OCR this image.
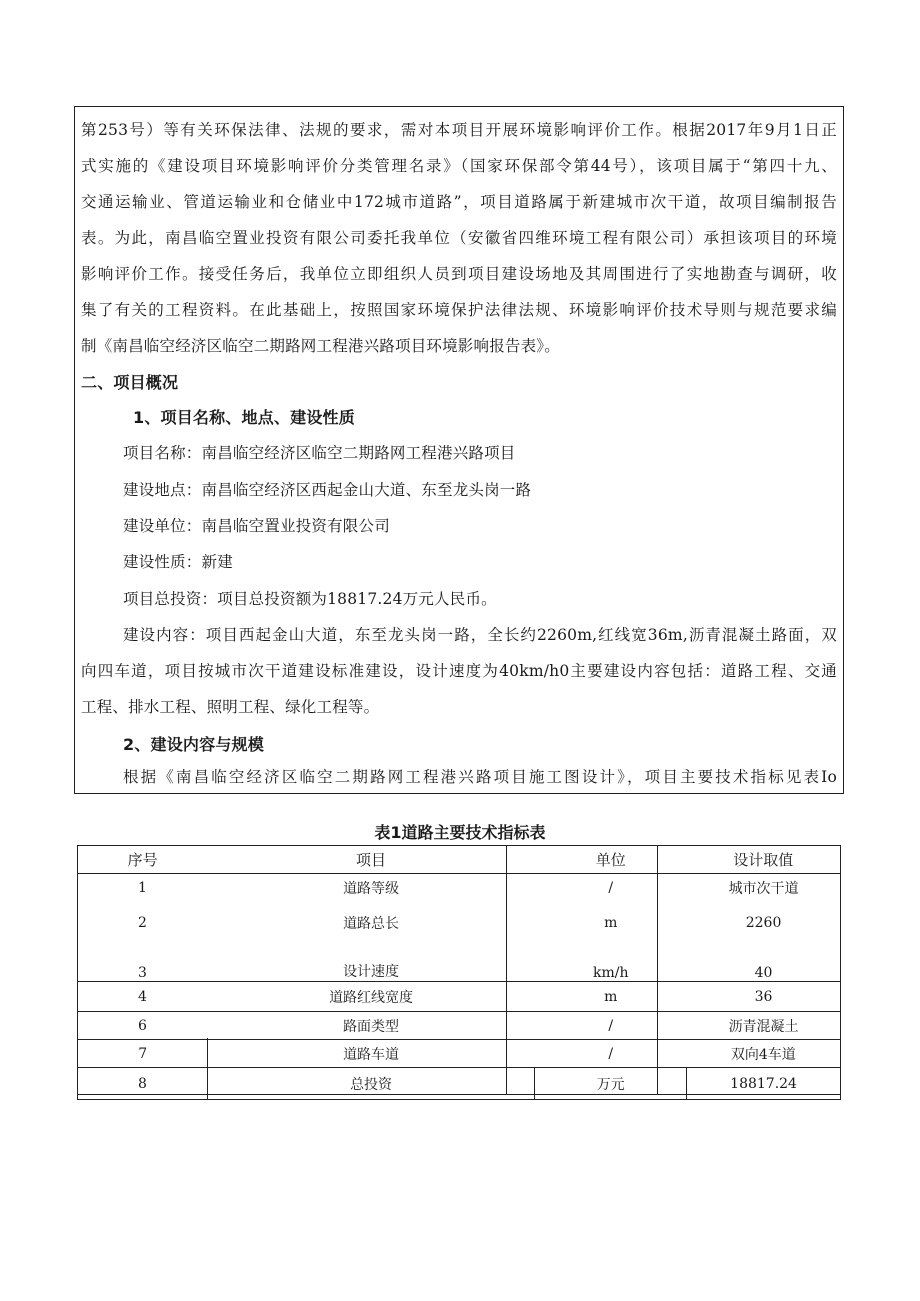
第253号）等有关环保法律、法规的要求，需对本项目开展环境影响评价工作。根据2017年9月1日正
式实施的《建设项目环境影响评价分类管理名录》（国家环保部令第44号），该项目属于“第四十九、
交通运输业、管道运输业和仓储业中172城市道路”，项目道路属于新建城市次干道，故项目编制报告
表。为此，南昌临空置业投资有限公司委托我单位（安徽省四维环境工程有限公司）承担该项目的环境
影响评价工作。接受任务后，我单位立即组织人员到项目建设场地及其周围进行了实地勘查与调研，收
集了有关的工程资料。在此基础上，按照国家环境保护法律法规、环境影响评价技术导则与规范要求编
制《南昌临空经济区临空二期路网工程港兴路项目环境影响报告表》。
二、项目概况
1、项目名称、地点、建设性质
项目名称：南昌临空经济区临空二期路网工程港兴路项目
建设地点：南昌临空经济区西起金山大道、东至龙头岗一路
建设单位：南昌临空置业投资有限公司
建设性质：新建
项目总投资：项目总投资额为18817.24万元人民币。
建设内容：项目西起金山大道，东至龙头岗一路，全长约2260m,红线宽36m,沥青混凝土路面，双
向四车道，项目按城市次干道建设标准建设，设计速度为40km/h0主要建设内容包括：道路工程、交通
工程、排水工程、照明工程、绿化工程等。
2、建设内容与规模
根据《南昌临空经济区临空二期路网工程港兴路项目施工图设计》，项目主要技术指标见表Io
表1道路主要技术指标表
序号	项目	单位	设计取值
1	道路等级	/	城市次干道
2	道路总长	m	2260
3	设计速度	km/h	40
4	道路红线宽度	m	36
6	路面类型	/	沥青混凝土
7	道路车道	/	双向4车道
8	总投资	万元	18817.24
